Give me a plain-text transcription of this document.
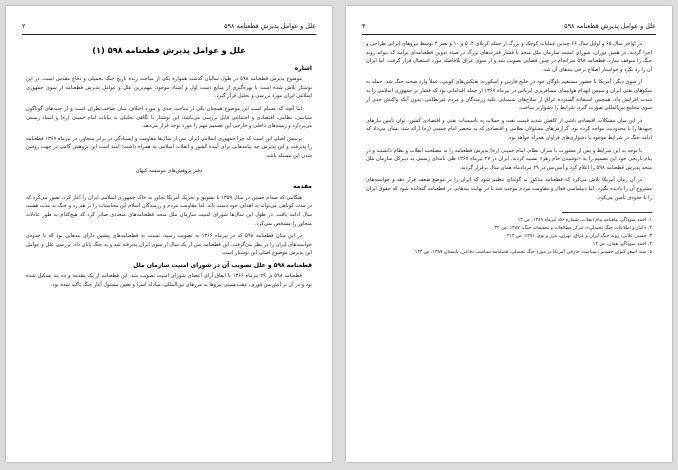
علل و عوامل پذیرش قطعنامه ۵۹۸
۲
علل و عوامل پذیرش قطعنامه ۵۹۸ (۱)
اشاره

موضوع پذیرش قطعنامه ۵۹۸ در طول سالیان گذشته همواره یکی از مباحث زنده تاریخ جنگ تحمیلی و دفاع مقدس است. در این نوشتار تلاش شده است با بهره‌گیری از منابع دست اول و اسناد موجود، مهم‌ترین علل و عوامل پذیرش قطعنامه از سوی جمهوری اسلامی ایران مورد بررسی و تحلیل قرار گیرد.

اما آنچه که مسلم است این موضوع همچنان یکی از مباحث جدی و مورد اختلاف میان صاحب‌نظران است و از جنبه‌های گوناگون سیاسی، نظامی، اقتصادی و اجتماعی قابل بررسی می‌باشد. این نوشتار با نگاهی تحلیلی به بیانات امام خمینی (ره) و اسناد رسمی می‌پردازد و زمینه‌های داخلی و خارجی این تصمیم مهم را مورد توجه قرار می‌دهد.

پرسش اصلی این است که چرا جمهوری اسلامی ایران پس از سال‌ها مقاومت و ایستادگی در برابر متجاوز، در تیرماه ۱۳۶۷ قطعنامه را پذیرفت و این پذیرش چه پیامدهایی برای آینده کشور و انقلاب اسلامی به همراه داشت؛ امید است این پژوهش گامی در جهت روشن شدن این مسئله باشد.

دفتر پژوهش‌های موسسه کیهان
مقدمه

هنگامی که صدام حسین در سال ۱۳۵۹ با تشویق و تحریک آمریکا تجاوز به خاک جمهوری اسلامی ایران را آغاز کرد، تصور می‌کرد که در مدت کوتاهی می‌تواند به اهداف خود دست یابد. اما مقاومت مردم و رزمندگان اسلام این محاسبات را بر هم زد و جنگ به مدت هشت سال ادامه یافت. در طول این سال‌ها شورای امنیت سازمان ملل متحد قطعنامه‌های متعددی صادر کرد که هیچ‌کدام به طور عادلانه متجاوز را مشخص نمی‌کرد.

در این میان قطعنامه ۵۹۸ که در تیرماه ۱۳۶۶ به تصویب رسید، نسبت به قطعنامه‌های پیشین دارای بندهایی بود که تا حدودی خواسته‌های ایران را در نظر می‌گرفت. این قطعنامه پس از یک سال از سوی ایران پذیرفته شد و به جنگ پایان داد. بررسی علل و عوامل این پذیرش موضوع اصلی این نوشتار است.

قطعنامه ۵۹۸ و علل تصویب آن در شورای امنیت سازمان ملل

قطعنامه ۵۹۸ در ۲۹ تیرماه ۱۳۶۶ با اتفاق آرای اعضای شورای امنیت تصویب شد. این قطعنامه از یک مقدمه و ده بند تشکیل شده بود و در آن بر آتش‌بس فوری، عقب‌نشینی نیروها به مرزهای بین‌المللی، مبادله اسرا و تعیین مسئول آغاز جنگ تأکید شده بود.

علل و عوامل پذیرش قطعنامه ۵۹۸
۳

در اواخر سال ۶۵ و اوایل سال ۶۶ چندین عملیات کوچک و بزرگ از جمله کربلای ۴، ۵ و ۱۰ و نصر ۴ توسط نیروهای ایرانی طراحی و اجرا گردید. در همین دوران، شورای امنیت سازمان ملل متحد با فشار قدرت‌های بزرگ در صدد تدوین قطعنامه‌ای برآمد که بتواند روند جنگ را متوقف سازد. قطعنامه ۵۹۸ سرانجام در چنین فضایی تصویب شد و از سوی عراق بلافاصله مورد استقبال قرار گرفت، اما ایران آن را رد نکرد و خواستار اصلاح برخی بندهای آن شد.

از سوی دیگر، آمریکا با حضور مستقیم ناوگان خود در خلیج فارس و اسکورت نفتکش‌های کویتی، عملاً وارد صحنه جنگ شد. حمله به سکوهای نفتی ایران و سپس انهدام هواپیمای مسافربری ایرباس در تیرماه ۱۳۶۷ از جمله اقداماتی بود که فشار بر جمهوری اسلامی را به شدت افزایش داد. همچنین استفاده گسترده عراق از سلاح‌های شیمیایی علیه رزمندگان و مردم غیرنظامی، بدون آنکه واکنش جدی از سوی مجامع بین‌المللی صورت گیرد، شرایط را دشوارتر ساخت.

در این میان مشکلات اقتصادی ناشی از کاهش شدید قیمت نفت و حملات به تأسیسات نفتی و اقتصادی کشور، توان تأمین نیازهای جبهه‌ها را با محدودیت مواجه کرده بود. گزارش‌های مسئولان نظامی و اقتصادی که به محضر امام خمینی (ره) ارائه شد، نشان می‌داد که ادامه جنگ در شرایط موجود با دشواری‌های فراوان همراه خواهد بود.

با توجه به این شرایط و پس از مشورت با سران نظام، امام خمینی (ره) پذیرش قطعنامه را به مصلحت انقلاب و نظام دانستند و در پیام تاریخی خود این تصمیم را به «نوشیدن جام زهر» تشبیه کردند. ایران در ۲۷ تیرماه ۱۳۶۷ طی نامه‌ای رسمی به دبیرکل سازمان ملل متحد پذیرش قطعنامه ۵۹۸ را اعلام کرد و آتش‌بس در ۲۹ مردادماه همان سال برقرار گردید.

در آن زمان آمریکا تلاش می‌کرد که قطعنامه مذکور به گونه‌ای تنظیم شود که ایران را در موضع ضعف قرار دهد و خواسته‌های مشروع آن را نادیده بگیرد، اما دیپلماسی فعال و مقاومت مردم موجب شد تا در نهایت بندهایی در قطعنامه گنجانده شود که حقوق ایران را تا حدودی تأمین می‌کرد.

۱. احمد سوداگر، ماهنامه پیام انقلاب، شماره ۵۶، تیرماه ۱۳۸۹، ص ۱۲

۲. «آمار و اطلاعات جنگ تحمیلی»، مرکز مطالعات و تحقیقات جنگ، ۱۳۸۷، ص ۳۴

۳. حسین علایی، روند جنگ ایران و عراق، تهران، مرز و بوم، ۱۳۹۱، ص ۴۱۲

۴. احمد سوداگر، همان، ص ۱۴

۵. سید اصغر کیوان حسینی، سیاست خارجی آمریکا در مورد جنگ تحمیلی، فصلنامه سیاست دفاعی، تابستان ۱۳۸۷، ص ۱۴۳
